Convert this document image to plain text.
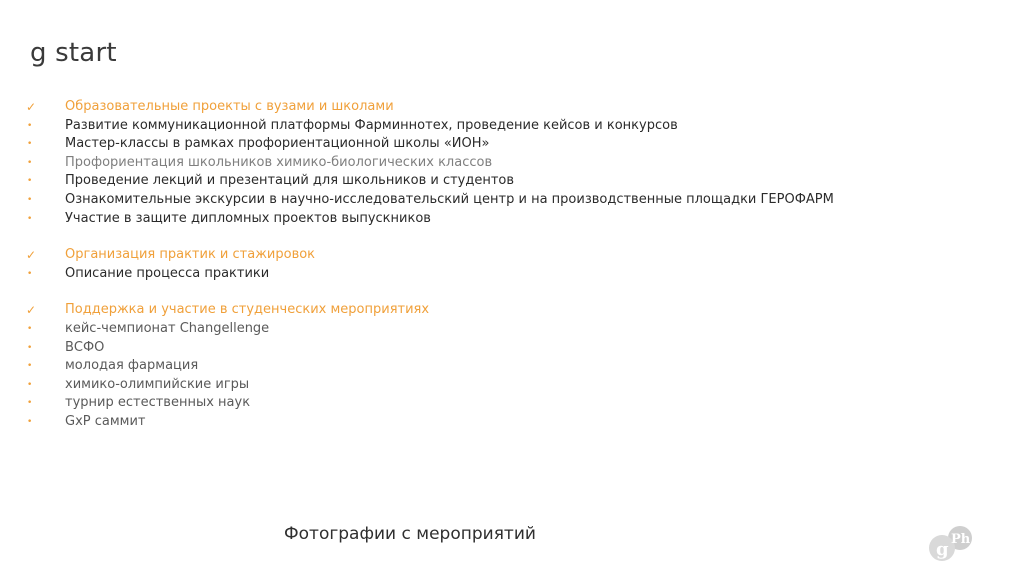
g start
✓	Образовательные проекты с вузами и школами
•	Развитие коммуникационной платформы Фарминнотех, проведение кейсов и конкурсов
•	Мастер-классы в рамках профориентационной школы «ИОН»
•	Профориентация школьников химико-биологических классов
•	Проведение лекций и презентаций для школьников и студентов
•	Ознакомительные экскурсии в научно-исследовательский центр и на производственные площадки ГЕРОФАРМ
•	Участие в защите дипломных проектов выпускников
✓	Организация практик и стажировок
•	Описание процесса практики
✓	Поддержка и участие в студенческих мероприятиях
•	кейс-чемпионат Changellenge
•	ВСФО
•	молодая фармация
•	химико-олимпийские игры
•	турнир естественных наук
•	GxP саммит
Фотографии с мероприятий
g Ph
